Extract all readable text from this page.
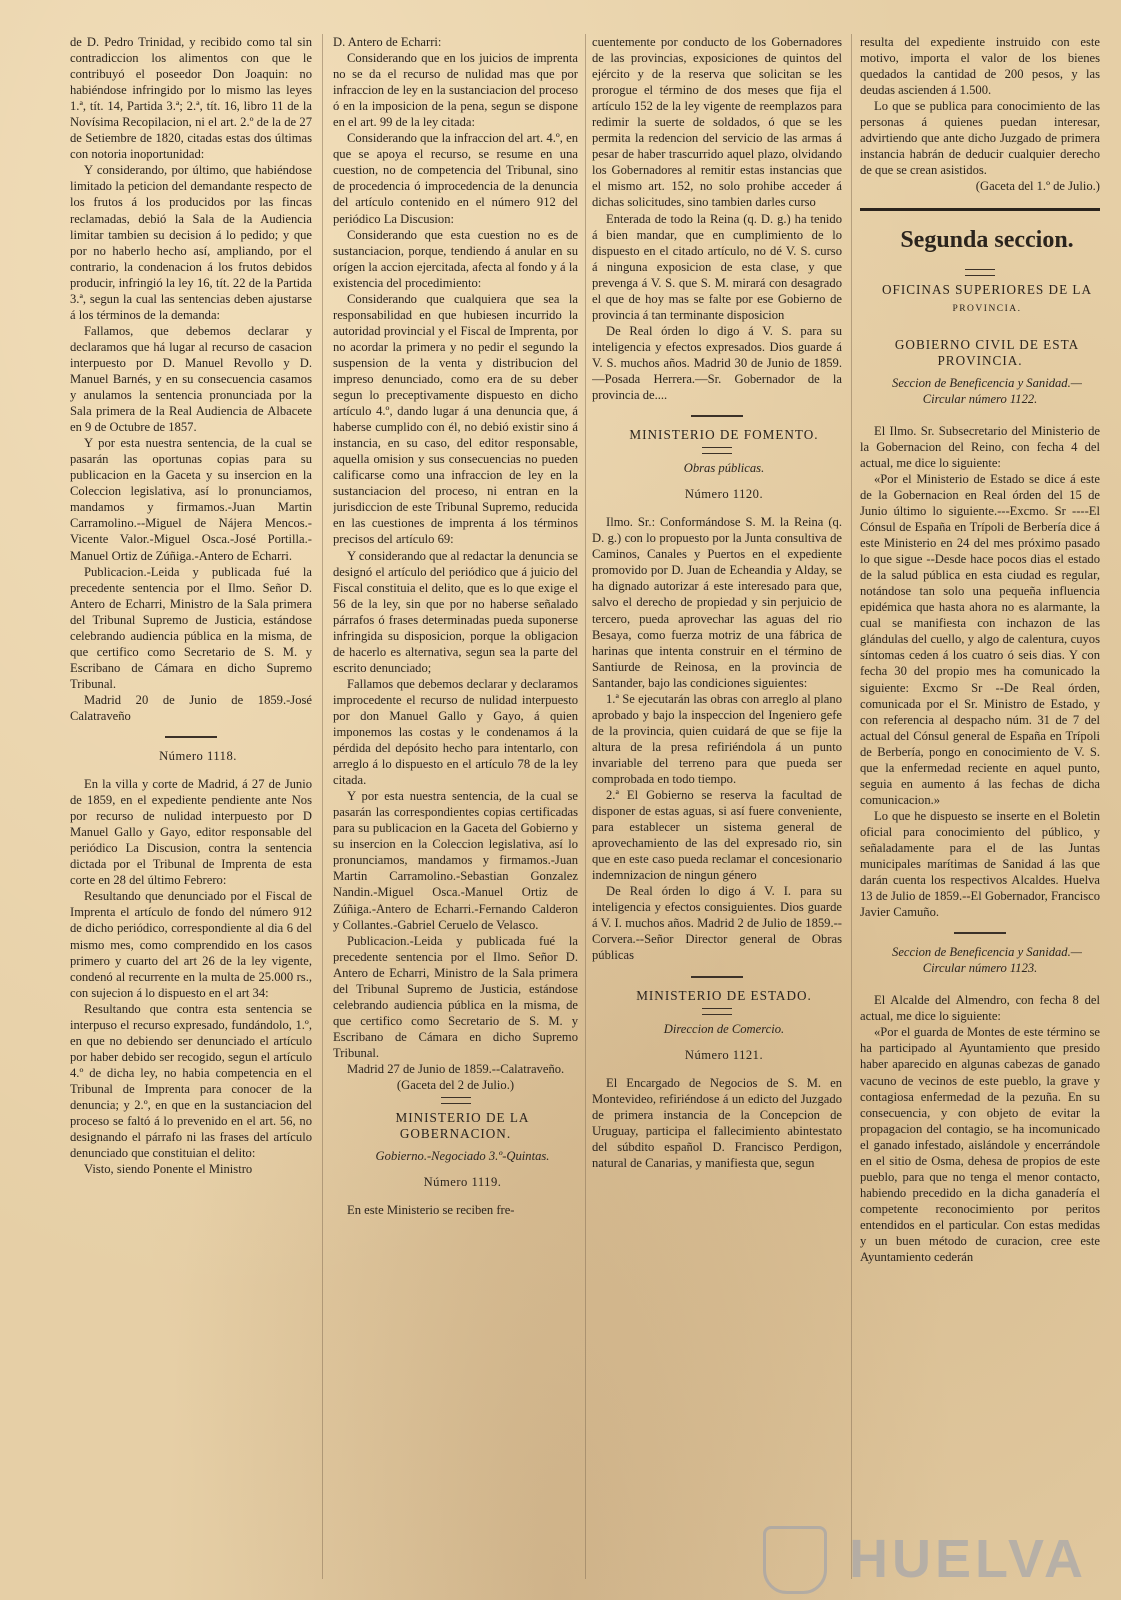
de D. Pedro Trinidad, y recibido como tal sin contradiccion los alimentos con que le contribuyó el poseedor Don Joaquin: no habiéndose infringido por lo mismo las leyes 1.ª, tít. 14, Partida 3.ª; 2.ª, tít. 16, libro 11 de la Novísima Recopilacion, ni el art. 2.º de la de 27 de Setiembre de 1820, citadas estas dos últimas con notoria inoportunidad:

Y considerando, por último, que habiéndose limitado la peticion del demandante respecto de los frutos á los producidos por las fincas reclamadas, debió la Sala de la Audiencia limitar tambien su decision á lo pedido; y que por no haberlo hecho así, ampliando, por el contrario, la condenacion á los frutos debidos producir, infringió la ley 16, tít. 22 de la Partida 3.ª, segun la cual las sentencias deben ajustarse á los términos de la demanda:

Fallamos, que debemos declarar y declaramos que há lugar al recurso de casacion interpuesto por D. Manuel Revollo y D. Manuel Barnés, y en su consecuencia casamos y anulamos la sentencia pronunciada por la Sala primera de la Real Audiencia de Albacete en 9 de Octubre de 1857.

Y por esta nuestra sentencia, de la cual se pasarán las oportunas copias para su publicacion en la Gaceta y su insercion en la Coleccion legislativa, así lo pronunciamos, mandamos y firmamos.-Juan Martin Carramolino.--Miguel de Nájera Mencos.-Vicente Valor.-Miguel Osca.-José Portilla.-Manuel Ortiz de Zúñiga.-Antero de Echarri.

Publicacion.-Leida y publicada fué la precedente sentencia por el Ilmo. Señor D. Antero de Echarri, Ministro de la Sala primera del Tribunal Supremo de Justicia, estándose celebrando audiencia pública en la misma, de que certifico como Secretario de S. M. y Escribano de Cámara en dicho Supremo Tribunal.

Madrid 20 de Junio de 1859.-José Calatraveño

Número 1118.

En la villa y corte de Madrid, á 27 de Junio de 1859, en el expediente pendiente ante Nos por recurso de nulidad interpuesto por D Manuel Gallo y Gayo, editor responsable del periódico La Discusion, contra la sentencia dictada por el Tribunal de Imprenta de esta corte en 28 del último Febrero:

Resultando que denunciado por el Fiscal de Imprenta el artículo de fondo del número 912 de dicho periódico, correspondiente al dia 6 del mismo mes, como comprendido en los casos primero y cuarto del art 26 de la ley vigente, condenó al recurrente en la multa de 25.000 rs., con sujecion á lo dispuesto en el art 34:

Resultando que contra esta sentencia se interpuso el recurso expresado, fundándolo, 1.º, en que no debiendo ser denunciado el artículo por haber debido ser recogido, segun el artículo 4.º de dicha ley, no habia competencia en el Tribunal de Imprenta para conocer de la denuncia; y 2.º, en que en la sustanciacion del proceso se faltó á lo prevenido en el art. 56, no designando el párrafo ni las frases del artículo denunciado que constituian el delito:

Visto, siendo Ponente el Ministro

D. Antero de Echarri:

Considerando que en los juicios de imprenta no se da el recurso de nulidad mas que por infraccion de ley en la sustanciacion del proceso ó en la imposicion de la pena, segun se dispone en el art. 99 de la ley citada:

Considerando que la infraccion del art. 4.º, en que se apoya el recurso, se resume en una cuestion, no de competencia del Tribunal, sino de procedencia ó improcedencia de la denuncia del artículo contenido en el número 912 del periódico La Discusion:

Considerando que esta cuestion no es de sustanciacion, porque, tendiendo á anular en su orígen la accion ejercitada, afecta al fondo y á la existencia del procedimiento:

Considerando que cualquiera que sea la responsabilidad en que hubiesen incurrido la autoridad provincial y el Fiscal de Imprenta, por no acordar la primera y no pedir el segundo la suspension de la venta y distribucion del impreso denunciado, como era de su deber segun lo preceptivamente dispuesto en dicho artículo 4.º, dando lugar á una denuncia que, á haberse cumplido con él, no debió existir sino á instancia, en su caso, del editor responsable, aquella omision y sus consecuencias no pueden calificarse como una infraccion de ley en la sustanciacion del proceso, ni entran en la jurisdiccion de este Tribunal Supremo, reducida en las cuestiones de imprenta á los términos precisos del artículo 69:

Y considerando que al redactar la denuncia se designó el artículo del periódico que á juicio del Fiscal constituia el delito, que es lo que exige el 56 de la ley, sin que por no haberse señalado párrafos ó frases determinadas pueda suponerse infringida su disposicion, porque la obligacion de hacerlo es alternativa, segun sea la parte del escrito denunciado;

Fallamos que debemos declarar y declaramos improcedente el recurso de nulidad interpuesto por don Manuel Gallo y Gayo, á quien imponemos las costas y le condenamos á la pérdida del depósito hecho para intentarlo, con arreglo á lo dispuesto en el artículo 78 de la ley citada.

Y por esta nuestra sentencia, de la cual se pasarán las correspondientes copias certificadas para su publicacion en la Gaceta del Gobierno y su insercion en la Coleccion legislativa, así lo pronunciamos, mandamos y firmamos.-Juan Martin Carramolino.-Sebastian Gonzalez Nandin.-Miguel Osca.-Manuel Ortiz de Zúñiga.-Antero de Echarri.-Fernando Calderon y Collantes.-Gabriel Ceruelo de Velasco.

Publicacion.-Leida y publicada fué la precedente sentencia por el Ilmo. Señor D. Antero de Echarri, Ministro de la Sala primera del Tribunal Supremo de Justicia, estándose celebrando audiencia pública en la misma, de que certifico como Secretario de S. M. y Escribano de Cámara en dicho Supremo Tribunal.

Madrid 27 de Junio de 1859.--Calatraveño.

(Gaceta del 2 de Julio.)

MINISTERIO DE LA GOBERNACION.

Gobierno.-Negociado 3.º-Quintas.

Número 1119.

En este Ministerio se reciben fre-

cuentemente por conducto de los Gobernadores de las provincias, exposiciones de quintos del ejército y de la reserva que solicitan se les prorogue el término de dos meses que fija el artículo 152 de la ley vigente de reemplazos para redimir la suerte de soldados, ó que se les permita la redencion del servicio de las armas á pesar de haber trascurrido aquel plazo, olvidando los Gobernadores al remitir estas instancias que el mismo art. 152, no solo prohibe acceder á dichas solicitudes, sino tambien darles curso

Enterada de todo la Reina (q. D. g.) ha tenido á bien mandar, que en cumplimiento de lo dispuesto en el citado artículo, no dé V. S. curso á ninguna exposicion de esta clase, y que prevenga á V. S. que S. M. mirará con desagrado el que de hoy mas se falte por ese Gobierno de provincia á tan terminante disposicion

De Real órden lo digo á V. S. para su inteligencia y efectos expresados. Dios guarde á V. S. muchos años. Madrid 30 de Junio de 1859.—Posada Herrera.—Sr. Gobernador de la provincia de....

MINISTERIO DE FOMENTO.

Obras públicas.

Número 1120.

Ilmo. Sr.: Conformándose S. M. la Reina (q. D. g.) con lo propuesto por la Junta consultiva de Caminos, Canales y Puertos en el expediente promovido por D. Juan de Echeandia y Alday, se ha dignado autorizar á este interesado para que, salvo el derecho de propiedad y sin perjuicio de tercero, pueda aprovechar las aguas del rio Besaya, como fuerza motriz de una fábrica de harinas que intenta construir en el término de Santiurde de Reinosa, en la provincia de Santander, bajo las condiciones siguientes:

1.ª Se ejecutarán las obras con arreglo al plano aprobado y bajo la inspeccion del Ingeniero gefe de la provincia, quien cuidará de que se fije la altura de la presa refiriéndola á un punto invariable del terreno para que pueda ser comprobada en todo tiempo.

2.ª El Gobierno se reserva la facultad de disponer de estas aguas, si así fuere conveniente, para establecer un sistema general de aprovechamiento de las del expresado rio, sin que en este caso pueda reclamar el concesionario indemnizacion de ningun género

De Real órden lo digo á V. I. para su inteligencia y efectos consiguientes. Dios guarde á V. I. muchos años. Madrid 2 de Julio de 1859.--Corvera.--Señor Director general de Obras públicas

MINISTERIO DE ESTADO.

Direccion de Comercio.

Número 1121.

El Encargado de Negocios de S. M. en Montevideo, refiriéndose á un edicto del Juzgado de primera instancia de la Concepcion de Uruguay, participa el fallecimiento abintestato del súbdito español D. Francisco Perdigon, natural de Canarias, y manifiesta que, segun

resulta del expediente instruido con este motivo, importa el valor de los bienes quedados la cantidad de 200 pesos, y las deudas ascienden á 1.500.

Lo que se publica para conocimiento de las personas á quienes puedan interesar, advirtiendo que ante dicho Juzgado de primera instancia habrán de deducir cualquier derecho de que se crean asistidos.

(Gaceta del 1.º de Julio.)

Segunda seccion.

OFICINAS SUPERIORES DE LA

PROVINCIA.

GOBIERNO CIVIL DE ESTA PROVINCIA.

Seccion de Beneficencia y Sanidad.—Circular número 1122.

El Ilmo. Sr. Subsecretario del Ministerio de la Gobernacion del Reino, con fecha 4 del actual, me dice lo siguiente:

«Por el Ministerio de Estado se dice á este de la Gobernacion en Real órden del 15 de Junio último lo siguiente.---Excmo. Sr ----El Cónsul de España en Trípoli de Berbería dice á este Ministerio en 24 del mes próximo pasado lo que sigue --Desde hace pocos dias el estado de la salud pública en esta ciudad es regular, notándose tan solo una pequeña influencia epidémica que hasta ahora no es alarmante, la cual se manifiesta con inchazon de las glándulas del cuello, y algo de calentura, cuyos síntomas ceden á los cuatro ó seis dias. Y con fecha 30 del propio mes ha comunicado la siguiente: Excmo Sr --De Real órden, comunicada por el Sr. Ministro de Estado, y con referencia al despacho núm. 31 de 7 del actual del Cónsul general de España en Trípoli de Berbería, pongo en conocimiento de V. S. que la enfermedad reciente en aquel punto, seguia en aumento á las fechas de dicha comunicacion.»

Lo que he dispuesto se inserte en el Boletin oficial para conocimiento del público, y señaladamente para el de las Juntas municipales marítimas de Sanidad á las que darán cuenta los respectivos Alcaldes. Huelva 13 de Julio de 1859.--El Gobernador, Francisco Javier Camuño.

Seccion de Beneficencia y Sanidad.—Circular número 1123.

El Alcalde del Almendro, con fecha 8 del actual, me dice lo siguiente:

«Por el guarda de Montes de este término se ha participado al Ayuntamiento que presido haber aparecido en algunas cabezas de ganado vacuno de vecinos de este pueblo, la grave y contagiosa enfermedad de la pezuña. En su consecuencia, y con objeto de evitar la propagacion del contagio, se ha incomunicado el ganado infestado, aislándole y encerrándole en el sitio de Osma, dehesa de propios de este pueblo, para que no tenga el menor contacto, habiendo precedido en la dicha ganadería el competente reconocimiento por peritos entendidos en el particular. Con estas medidas y un buen método de curacion, cree este Ayuntamiento cederán

HUELVA
